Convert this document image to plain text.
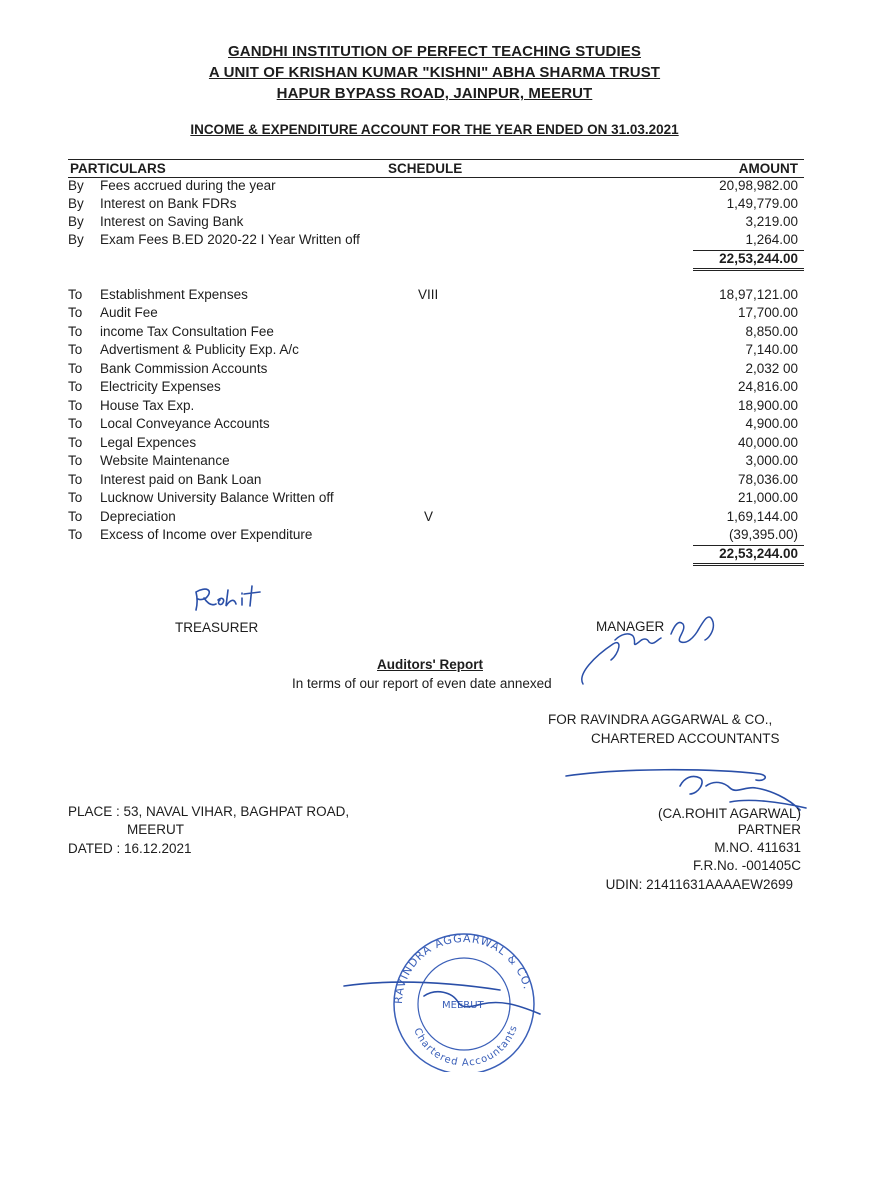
GANDHI INSTITUTION OF PERFECT TEACHING STUDIES
A UNIT OF KRISHAN KUMAR "KISHNI" ABHA SHARMA TRUST
HAPUR BYPASS ROAD, JAINPUR, MEERUT
INCOME & EXPENDITURE ACCOUNT FOR THE YEAR ENDED ON 31.03.2021
PARTICULARS	SCHEDULE	AMOUNT
By Fees accrued during the year	20,98,982.00
By Interest on Bank FDRs	1,49,779.00
By Interest on Saving Bank	3,219.00
By Exam Fees B.ED 2020-22 I Year Written off	1,264.00
22,53,244.00
To Establishment Expenses	VIII	18,97,121.00
To Audit Fee	17,700.00
To income Tax Consultation Fee	8,850.00
To Advertisment & Publicity Exp. A/c	7,140.00
To Bank Commission Accounts	2,032 00
To Electricity Expenses	24,816.00
To House Tax Exp.	18,900.00
To Local Conveyance Accounts	4,900.00
To Legal Expences	40,000.00
To Website Maintenance	3,000.00
To Interest paid on Bank Loan	78,036.00
To Lucknow University Balance Written off	21,000.00
To Depreciation	V	1,69,144.00
To Excess of Income over Expenditure	(39,395.00)
22,53,244.00
TREASURER	MANAGER
Auditors' Report
In terms of our report of even date annexed
FOR RAVINDRA AGGARWAL & CO.,
CHARTERED ACCOUNTANTS
PLACE : 53, NAVAL VIHAR, BAGHPAT ROAD,
MEERUT
DATED : 16.12.2021
(CA.ROHIT AGARWAL)
PARTNER
M.NO. 411631
F.R.No. -001405C
UDIN: 21411631AAAAEW2699
RAVINDRA AGGARWAL & CO.
Chartered Accountants
MEERUT
